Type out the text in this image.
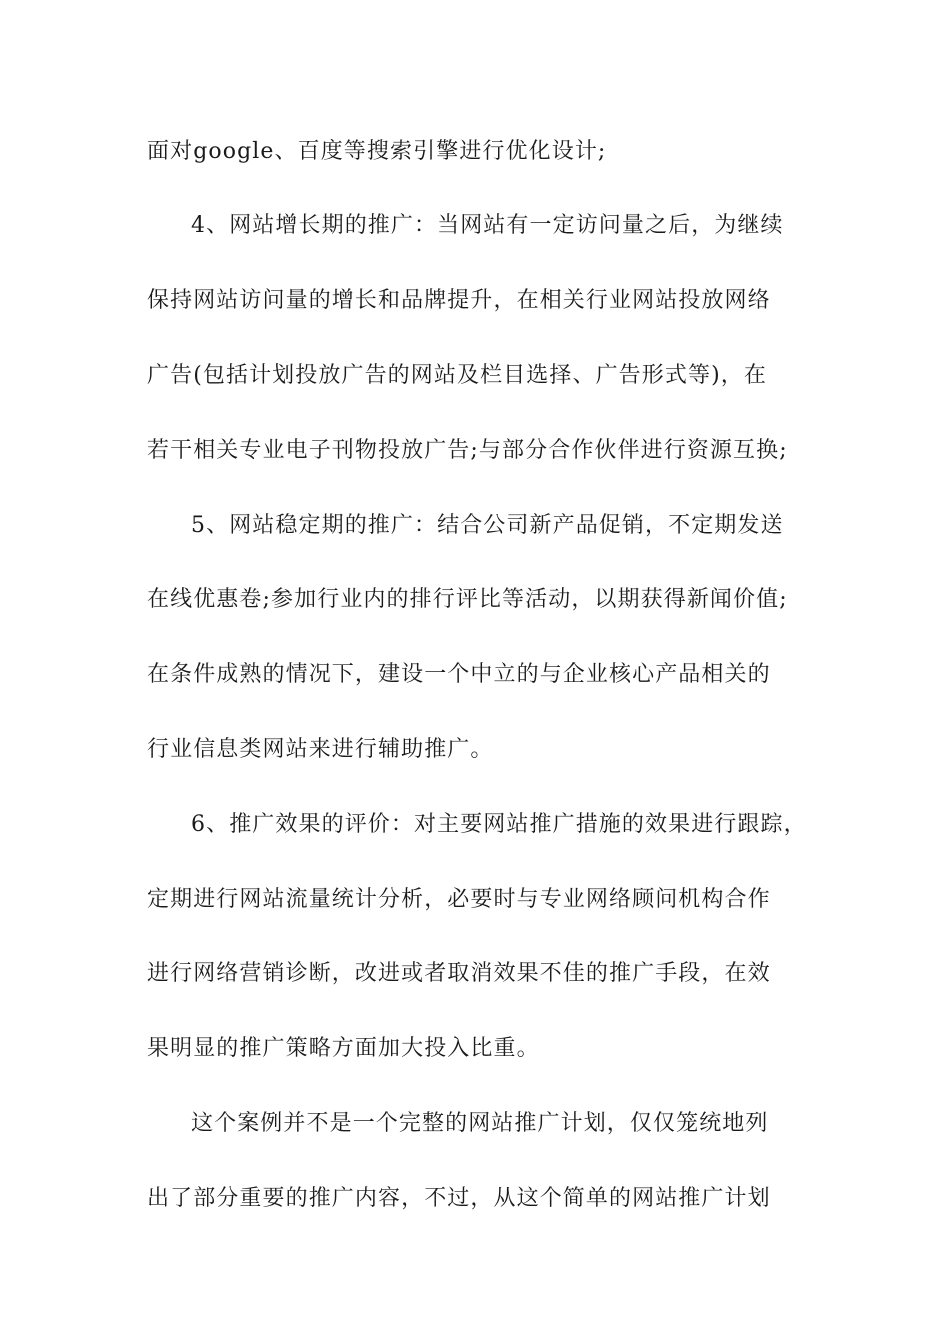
面对google、百度等搜索引擎进行优化设计;
4、网站增长期的推广：当网站有一定访问量之后，为继续
保持网站访问量的增长和品牌提升，在相关行业网站投放网络
广告(包括计划投放广告的网站及栏目选择、广告形式等)，在
若干相关专业电子刊物投放广告;与部分合作伙伴进行资源互换;
5、网站稳定期的推广：结合公司新产品促销，不定期发送
在线优惠卷;参加行业内的排行评比等活动，以期获得新闻价值;
在条件成熟的情况下，建设一个中立的与企业核心产品相关的
行业信息类网站来进行辅助推广。
6、推广效果的评价：对主要网站推广措施的效果进行跟踪，
定期进行网站流量统计分析，必要时与专业网络顾问机构合作
进行网络营销诊断，改进或者取消效果不佳的推广手段，在效
果明显的推广策略方面加大投入比重。
这个案例并不是一个完整的网站推广计划，仅仅笼统地列
出了部分重要的推广内容，不过，从这个简单的网站推广计划
